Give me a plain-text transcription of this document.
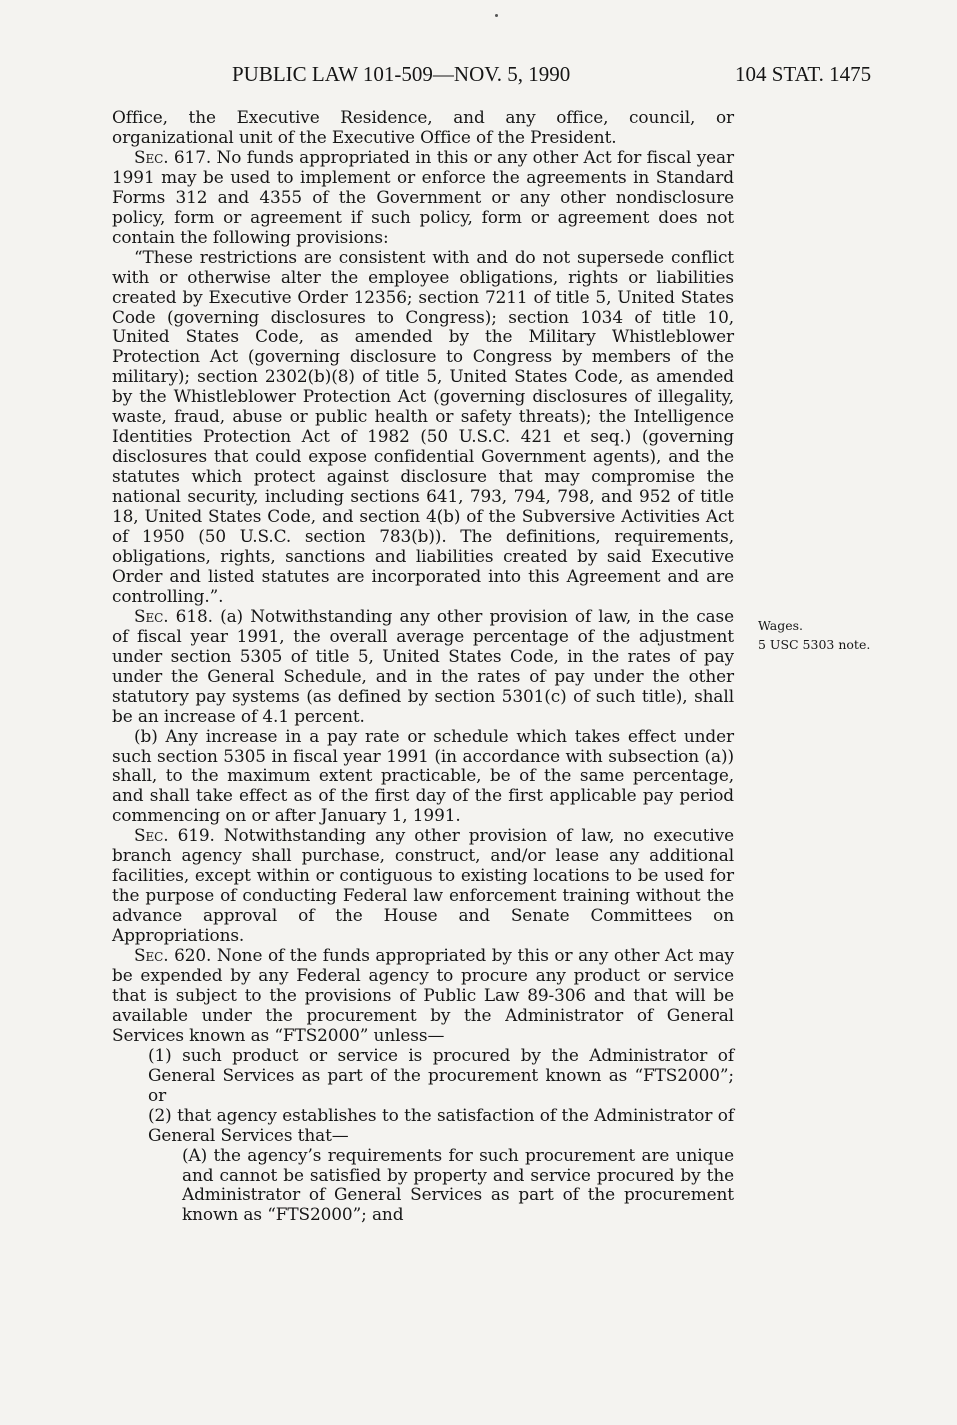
PUBLIC LAW 101-509—NOV. 5, 1990	104 STAT. 1475

Office, the Executive Residence, and any office, council, or organizational unit of the Executive Office of the President.

Sec. 617. No funds appropriated in this or any other Act for fiscal year 1991 may be used to implement or enforce the agreements in Standard Forms 312 and 4355 of the Government or any other nondisclosure policy, form or agreement if such policy, form or agreement does not contain the following provisions:

“These restrictions are consistent with and do not supersede conflict with or otherwise alter the employee obligations, rights or liabilities created by Executive Order 12356; section 7211 of title 5, United States Code (governing disclosures to Congress); section 1034 of title 10, United States Code, as amended by the Military Whistleblower Protection Act (governing disclosure to Congress by members of the military); section 2302(b)(8) of title 5, United States Code, as amended by the Whistleblower Protection Act (governing disclosures of illegality, waste, fraud, abuse or public health or safety threats); the Intelligence Identities Protection Act of 1982 (50 U.S.C. 421 et seq.) (governing disclosures that could expose confidential Government agents), and the statutes which protect against disclosure that may compromise the national security, including sections 641, 793, 794, 798, and 952 of title 18, United States Code, and section 4(b) of the Subversive Activities Act of 1950 (50 U.S.C. section 783(b)). The definitions, requirements, obligations, rights, sanctions and liabilities created by said Executive Order and listed statutes are incorporated into this Agreement and are controlling.”.

Sec. 618. (a) Notwithstanding any other provision of law, in the case of fiscal year 1991, the overall average percentage of the adjustment under section 5305 of title 5, United States Code, in the rates of pay under the General Schedule, and in the rates of pay under the other statutory pay systems (as defined by section 5301(c) of such title), shall be an increase of 4.1 percent.

(b) Any increase in a pay rate or schedule which takes effect under such section 5305 in fiscal year 1991 (in accordance with subsection (a)) shall, to the maximum extent practicable, be of the same percentage, and shall take effect as of the first day of the first applicable pay period commencing on or after January 1, 1991.

Sec. 619. Notwithstanding any other provision of law, no executive branch agency shall purchase, construct, and/or lease any additional facilities, except within or contiguous to existing locations to be used for the purpose of conducting Federal law enforcement training without the advance approval of the House and Senate Committees on Appropriations.

Sec. 620. None of the funds appropriated by this or any other Act may be expended by any Federal agency to procure any product or service that is subject to the provisions of Public Law 89-306 and that will be available under the procurement by the Administrator of General Services known as “FTS2000” unless—

(1) such product or service is procured by the Administrator of General Services as part of the procurement known as “FTS2000”; or

(2) that agency establishes to the satisfaction of the Administrator of General Services that—

(A) the agency’s requirements for such procurement are unique and cannot be satisfied by property and service procured by the Administrator of General Services as part of the procurement known as “FTS2000”; and

Wages.
5 USC 5303 note.
